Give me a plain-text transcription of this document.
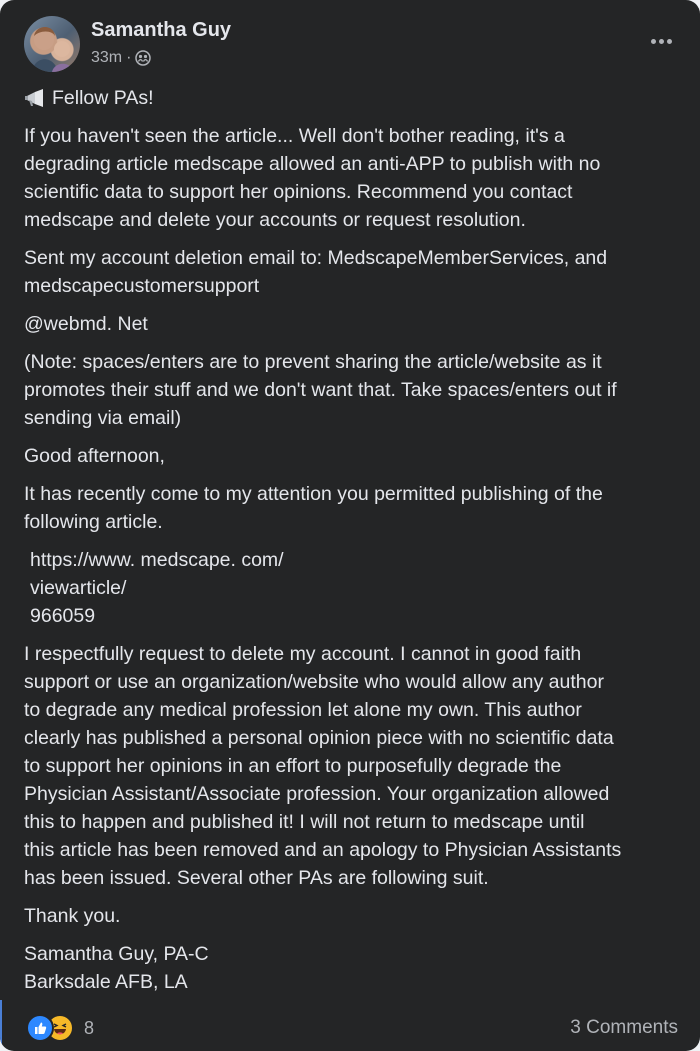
Samantha Guy
33m ·

Fellow PAs!

If you haven't seen the article... Well don't bother reading, it's a
degrading article medscape allowed an anti-APP to publish with no
scientific data to support her opinions. Recommend you contact
medscape and delete your accounts or request resolution.

Sent my account deletion email to: MedscapeMemberServices, and
medscapecustomersupport

@webmd. Net

(Note: spaces/enters are to prevent sharing the article/website as it
promotes their stuff and we don't want that. Take spaces/enters out if
sending via email)

Good afternoon,

It has recently come to my attention you permitted publishing of the
following article.

https://www. medscape. com/
viewarticle/
966059

I respectfully request to delete my account. I cannot in good faith
support or use an organization/website who would allow any author
to degrade any medical profession let alone my own. This author
clearly has published a personal opinion piece with no scientific data
to support her opinions in an effort to purposefully degrade the
Physician Assistant/Associate profession. Your organization allowed
this to happen and published it! I will not return to medscape until
this article has been removed and an apology to Physician Assistants
has been issued. Several other PAs are following suit.

Thank you.

Samantha Guy, PA-C
Barksdale AFB, LA

8	3 Comments
